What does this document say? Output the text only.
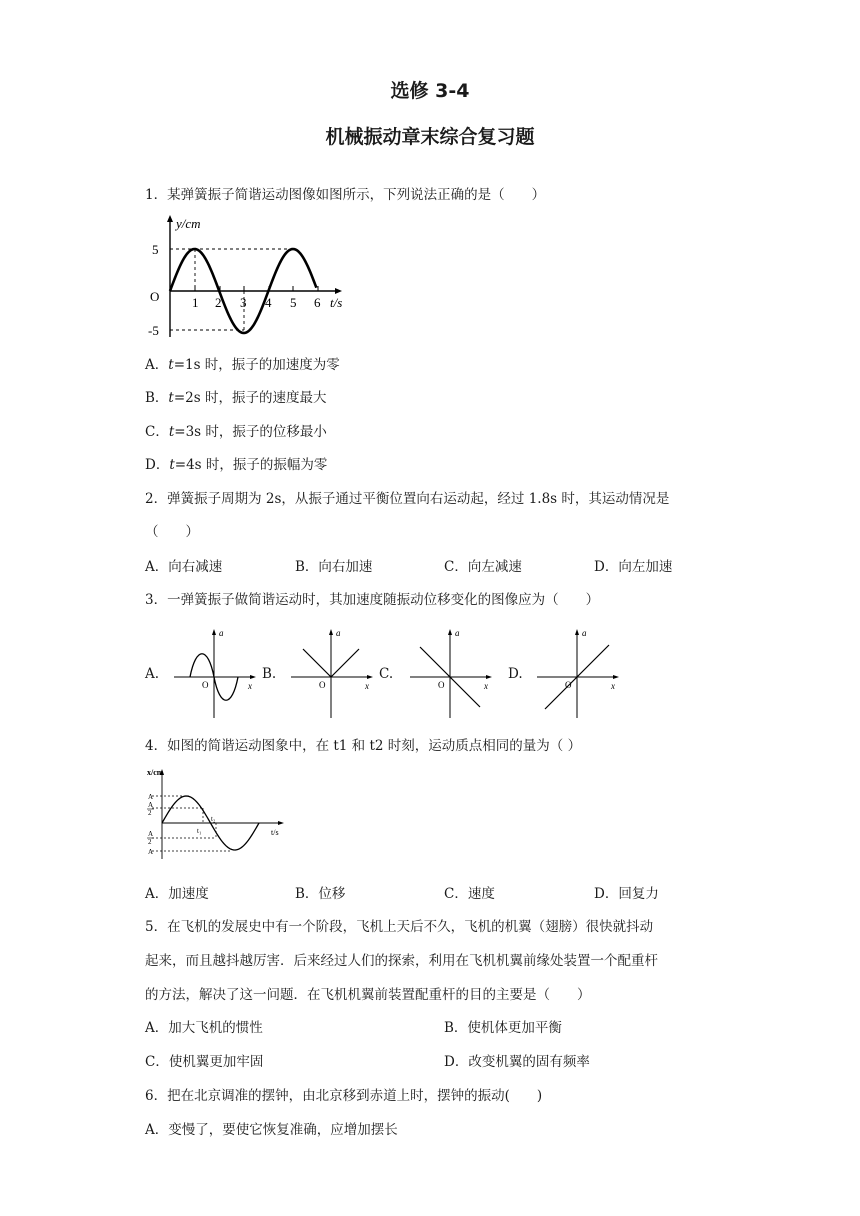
选修 3-4
机械振动章末综合复习题
1．某弹簧振子简谐运动图像如图所示，下列说法正确的是（　　）
y/cm
5
-5
O	1 2 3 4 5 6 t/s
A．t=1s 时，振子的加速度为零
B．t=2s 时，振子的速度最大
C．t=3s 时，振子的位移最小
D．t=4s 时，振子的振幅为零
2．弹簧振子周期为 2s，从振子通过平衡位置向右运动起，经过 1.8s 时，其运动情况是
（　　）
A．向右减速	B．向右加速	C．向左减速	D．向左加速
3．一弹簧振子做简谐运动时，其加速度随振动位移变化的图像应为（　　）
A.
a
O	x
B.
a
O	x
C.
a
O	x
D.
a
O	x
4．如图的简谐运动图象中，在 t1 和 t2 时刻，运动质点相同的量为（ ）
x/cm
t/s
A
A
2
A
2
A
t₁
t₂
A．加速度	B．位移	C．速度	D．回复力
5．在飞机的发展史中有一个阶段，飞机上天后不久，飞机的机翼（翅膀）很快就抖动
起来，而且越抖越厉害．后来经过人们的探索，利用在飞机机翼前缘处装置一个配重杆
的方法，解决了这一问题．在飞机机翼前装置配重杆的目的主要是（　　）
A．加大飞机的惯性	B．使机体更加平衡
C．使机翼更加牢固	D．改变机翼的固有频率
6．把在北京调准的摆钟，由北京移到赤道上时，摆钟的振动(　　)
A．变慢了，要使它恢复准确，应增加摆长
